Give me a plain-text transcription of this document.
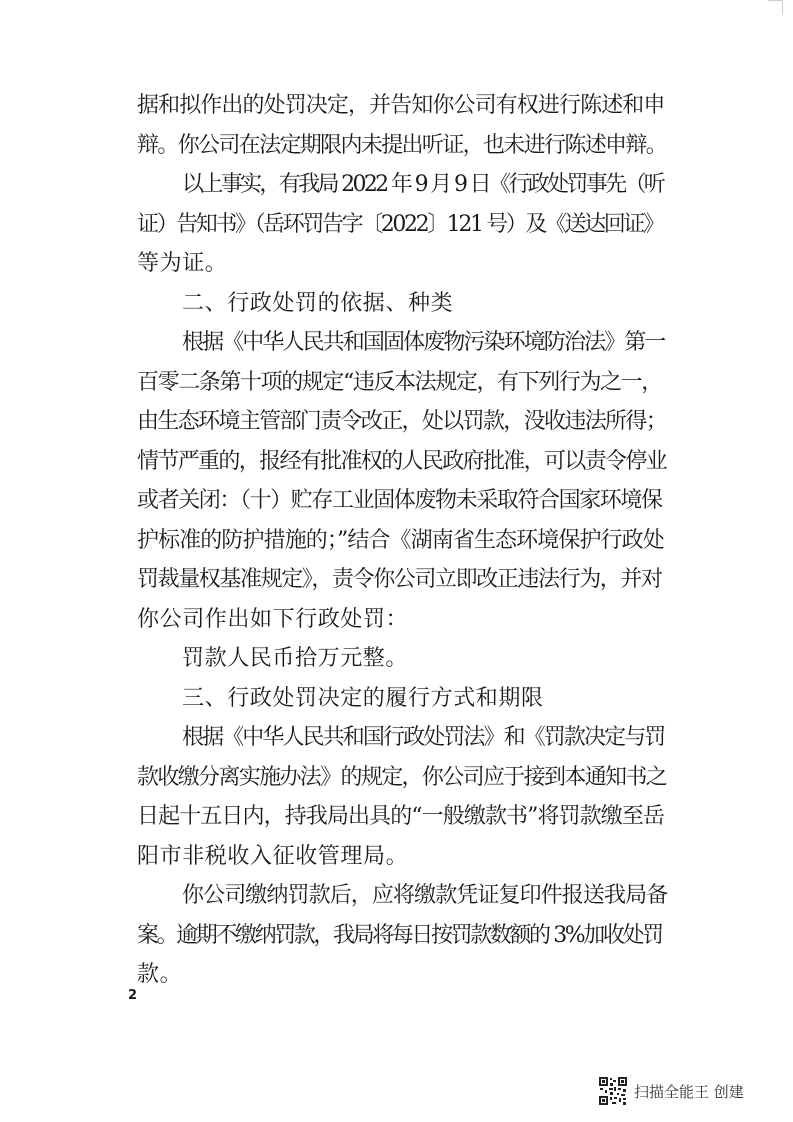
据和拟作出的处罚决定，并告知你公司有权进行陈述和申
辩。你公司在法定期限内未提出听证，也未进行陈述申辩。
以上事实，有我局 2022 年 9 月 9 日《行政处罚事先（听
证）告知书》（岳环罚告字〔2022〕121 号）及《送达回证》
等为证。
二、行政处罚的依据、种类
根据《中华人民共和国固体废物污染环境防治法》第一
百零二条第十项的规定“违反本法规定，有下列行为之一，
由生态环境主管部门责令改正，处以罚款，没收违法所得；
情节严重的，报经有批准权的人民政府批准，可以责令停业
或者关闭：（十）贮存工业固体废物未采取符合国家环境保
护标准的防护措施的；”结合《湖南省生态环境保护行政处
罚裁量权基准规定》，责令你公司立即改正违法行为，并对
你公司作出如下行政处罚：
罚款人民币拾万元整。
三、行政处罚决定的履行方式和期限
根据《中华人民共和国行政处罚法》和《罚款决定与罚
款收缴分离实施办法》的规定，你公司应于接到本通知书之
日起十五日内，持我局出具的“一般缴款书”将罚款缴至岳
阳市非税收入征收管理局。
你公司缴纳罚款后，应将缴款凭证复印件报送我局备
案。逾期不缴纳罚款，我局将每日按罚款数额的 3%加收处罚
款。
2
扫描全能王 创建
